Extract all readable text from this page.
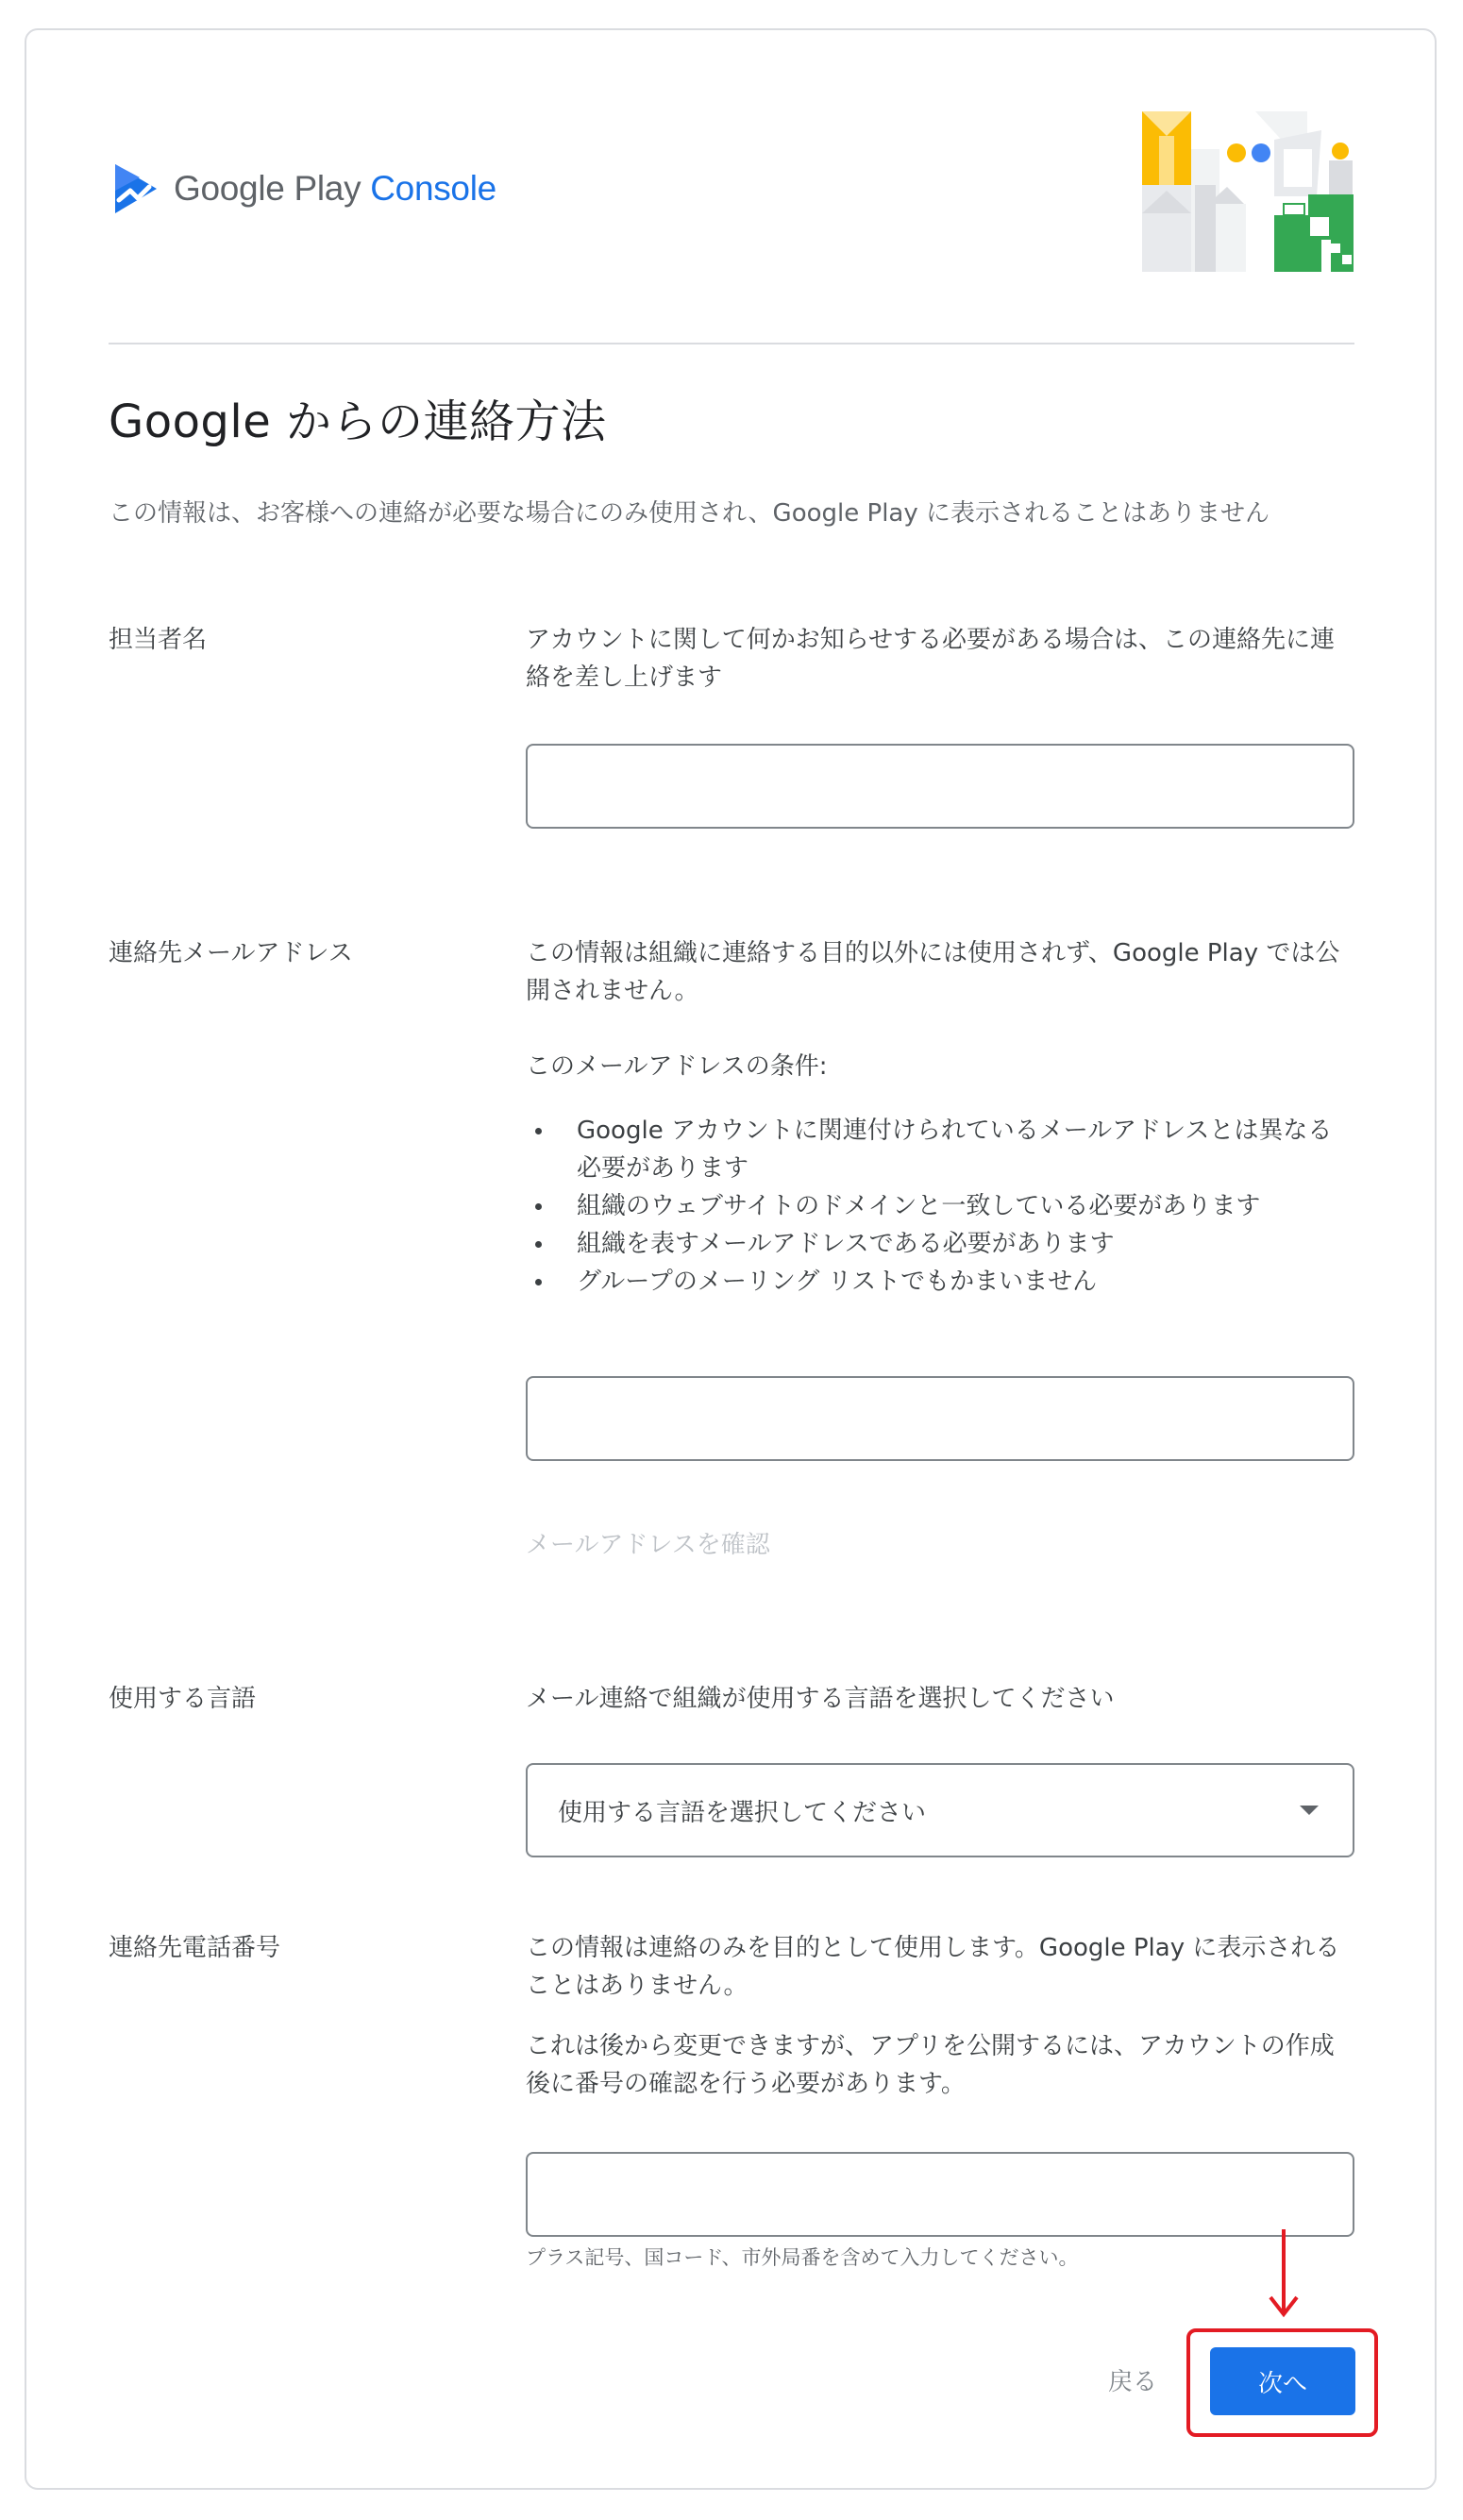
Google Play Console
Google からの連絡方法

この情報は、お客様への連絡が必要な場合にのみ使用され、Google Play に表示されることはありません

担当者名	アカウントに関して何かお知らせする必要がある場合は、この連絡先に連絡を差し上げます

連絡先メールアドレス	この情報は組織に連絡する目的以外には使用されず、Google Play では公開されません。

このメールアドレスの条件:

Google アカウントに関連付けられているメールアドレスとは異なる必要があります
組織のウェブサイトのドメインと一致している必要があります
組織を表すメールアドレスである必要があります
グループのメーリング リストでもかまいません
メールアドレスを確認
使用する言語	メール連絡で組織が使用する言語を選択してください

使用する言語を選択してください
連絡先電話番号	この情報は連絡のみを目的として使用します。Google Play に表示されることはありません。

これは後から変更できますが、アプリを公開するには、アカウントの作成後に番号の確認を行う必要があります。

プラス記号、国コード、市外局番を含めて入力してください。
戻る	次へ
